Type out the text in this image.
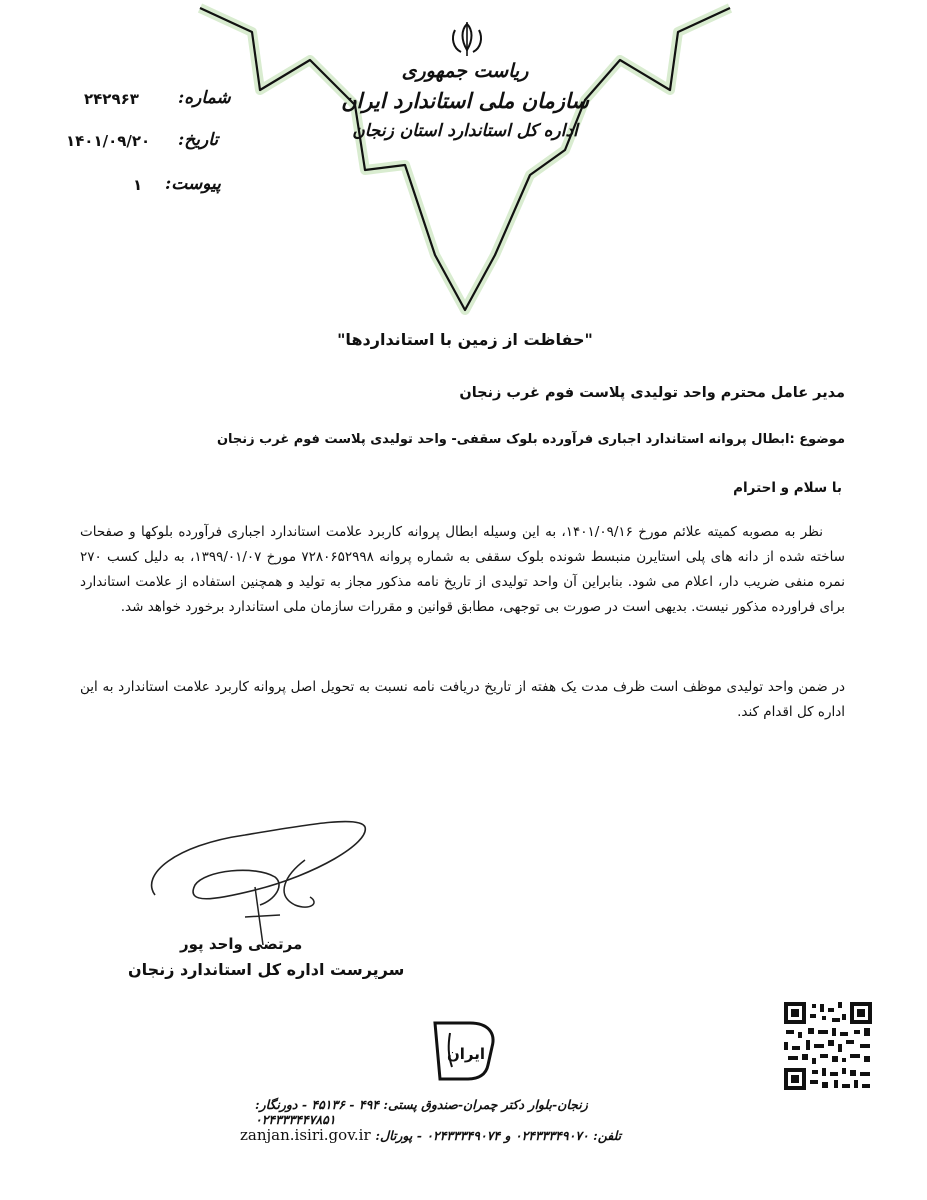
ریاست جمهوری
سازمان ملی استاندارد ایران
اداره کل استاندارد استان زنجان
شماره:
۲۴۲۹۶۳
تاریخ:
۱۴۰۱/۰۹/۲۰
پیوست:
۱
"حفاظت از زمین با استانداردها"
مدیر عامل محترم واحد تولیدی پلاست فوم غرب زنجان
موضوع :ابطال پروانه استاندارد اجباری فرآورده بلوک سقفی- واحد تولیدی پلاست فوم غرب زنجان
با سلام و احترام
نظر به مصوبه کمیته علائم مورخ ۱۴۰۱/۰۹/۱۶، به این وسیله ابطال پروانه کاربرد علامت استاندارد اجباری فرآورده بلوکها و صفحات ساخته شده از دانه های پلی استایرن منبسط شونده بلوک سقفی به شماره پروانه ۷۲۸۰۶۵۲۹۹۸ مورخ ۱۳۹۹/۰۱/۰۷، به دلیل کسب ۲۷۰ نمره منفی ضریب دار، اعلام می شود. بنابراین آن واحد تولیدی از تاریخ نامه مذکور مجاز به تولید و همچنین استفاده از علامت استاندارد برای فراورده مذکور نیست. بدیهی است در صورت بی توجهی، مطابق قوانین و مقررات سازمان ملی استاندارد برخورد خواهد شد.
در ضمن واحد تولیدی موظف است ظرف مدت یک هفته از تاریخ دریافت نامه نسبت به تحویل اصل پروانه کاربرد علامت استاندارد به این اداره کل اقدام کند.
مرتضی واحد پور
سرپرست اداره کل استاندارد زنجان
ایران
زنجان-بلوار دکتر چمران-صندوق پستی: ۴۹۴ - ۴۵۱۳۶ - دورنگار: ۰۲۴۳۳۳۴۴۷۸۵۱
zanjan.isiri.gov.ir تلفن: ۰۲۴۳۳۳۴۹۰۷۰ و ۰۲۴۳۳۳۴۹۰۷۴ - پورتال:
